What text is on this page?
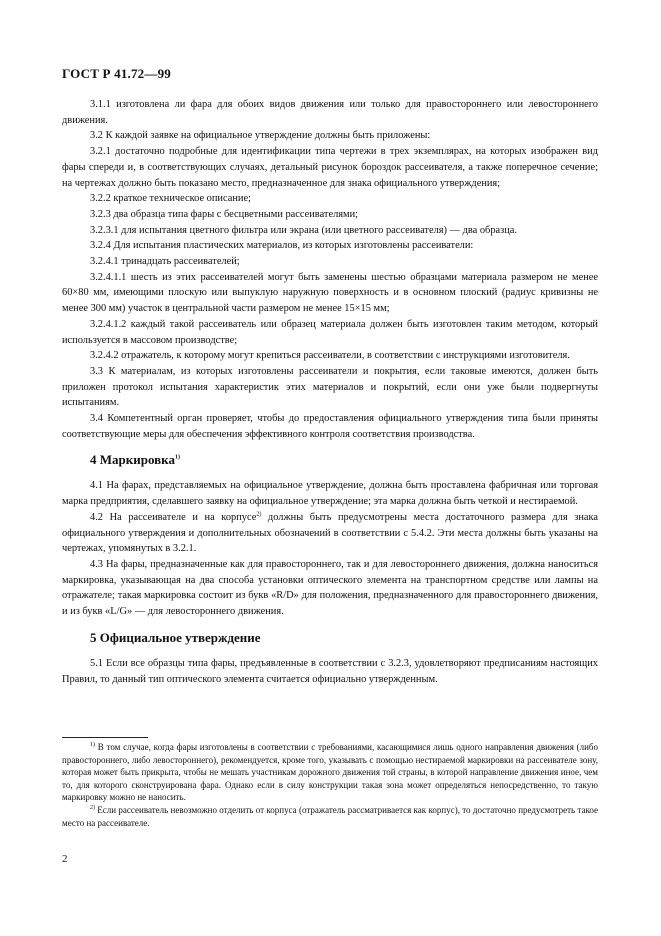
ГОСТ Р 41.72—99

3.1.1 изготовлена ли фара для обоих видов движения или только для правостороннего или левостороннего движения.

3.2 К каждой заявке на официальное утверждение должны быть приложены:

3.2.1 достаточно подробные для идентификации типа чертежи в трех экземплярах, на которых изображен вид фары спереди и, в соответствующих случаях, детальный рисунок бороздок рассеивателя, а также поперечное сечение; на чертежах должно быть показано место, предназначенное для знака официального утверждения;

3.2.2 краткое техническое описание;

3.2.3 два образца типа фары с бесцветными рассеивателями;

3.2.3.1 для испытания цветного фильтра или экрана (или цветного рассеивателя) — два образца.

3.2.4 Для испытания пластических материалов, из которых изготовлены рассеиватели:

3.2.4.1 тринадцать рассеивателей;

3.2.4.1.1 шесть из этих рассеивателей могут быть заменены шестью образцами материала размером не менее 60×80 мм, имеющими плоскую или выпуклую наружную поверхность и в основном плоский (радиус кривизны не менее 300 мм) участок в центральной части размером не менее 15×15 мм;

3.2.4.1.2 каждый такой рассеиватель или образец материала должен быть изготовлен таким методом, который используется в массовом производстве;

3.2.4.2 отражатель, к которому могут крепиться рассеиватели, в соответствии с инструкциями изготовителя.

3.3 К материалам, из которых изготовлены рассеиватели и покрытия, если таковые имеются, должен быть приложен протокол испытания характеристик этих материалов и покрытий, если они уже были подвергнуты испытаниям.

3.4 Компетентный орган проверяет, чтобы до предоставления официального утверждения типа были приняты соответствующие меры для обеспечения эффективного контроля соответствия производства.

4 Маркировка$^{1)}$

4.1 На фарах, представляемых на официальное утверждение, должна быть проставлена фабричная или торговая марка предприятия, сделавшего заявку на официальное утверждение; эта марка должна быть четкой и нестираемой.

4.2 На рассеивателе и на корпусе$^{2)}$ должны быть предусмотрены места достаточного размера для знака официального утверждения и дополнительных обозначений в соответствии с 5.4.2. Эти места должны быть указаны на чертежах, упомянутых в 3.2.1.

4.3 На фары, предназначенные как для правостороннего, так и для левостороннего движения, должна наноситься маркировка, указывающая на два способа установки оптического элемента на транспортном средстве или лампы на отражателе; такая маркировка состоит из букв «R/D» для положения, предназначенного для правостороннего движения, и из букв «L/G» — для левостороннего движения.

5 Официальное утверждение

5.1 Если все образцы типа фары, предъявленные в соответствии с 3.2.3, удовлетворяют предписаниям настоящих Правил, то данный тип оптического элемента считается официально утвержденным.

$^{1)}$ В том случае, когда фары изготовлены в соответствии с требованиями, касающимися лишь одного направления движения (либо правостороннего, либо левостороннего), рекомендуется, кроме того, указывать с помощью нестираемой маркировки на рассеивателе зону, которая может быть прикрыта, чтобы не мешать участникам дорожного движения той страны, в которой направление движения иное, чем то, для которого сконструирована фара. Однако если в силу конструкции такая зона может определяться непосредственно, то такую маркировку можно не наносить.

$^{2)}$ Если рассеиватель невозможно отделить от корпуса (отражатель рассматривается как корпус), то достаточно предусмотреть такое место на рассеивателе.

2
